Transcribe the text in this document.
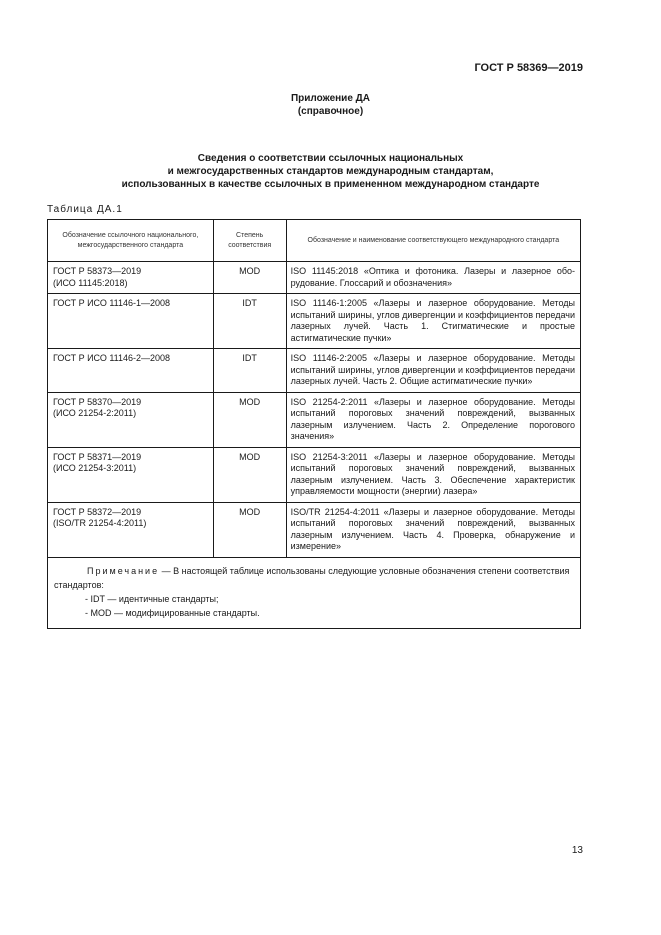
ГОСТ Р 58369—2019
Приложение ДА
(справочное)
Сведения о соответствии ссылочных национальных
и межгосударственных стандартов международным стандартам,
использованных в качестве ссылочных в примененном международном стандарте
Таблица ДА.1
Обозначение ссылочного национального, межгосударственного стандарта	Степень соответствия	Обозначение и наименование соответствующего международного стандарта

ГОСТ Р 58373—2019
(ИСО 11145:2018)	MOD	ISO 11145:2018 «Оптика и фотоника. Лазеры и лазерное оборудование. Глоссарий и обозначения»

ГОСТ Р ИСО 11146-1—2008	IDT	ISO 11146-1:2005 «Лазеры и лазерное оборудование. Методы испытаний ширины, углов дивергенции и коэффициентов передачи лазерных лучей. Часть 1. Стигматические и простые астигматические пучки»

ГОСТ Р ИСО 11146-2—2008	IDT	ISO 11146-2:2005 «Лазеры и лазерное оборудование. Методы испытаний ширины, углов дивергенции и коэффициентов передачи лазерных лучей. Часть 2. Общие астигматические пучки»

ГОСТ Р 58370—2019
(ИСО 21254-2:2011)	MOD	ISO 21254-2:2011 «Лазеры и лазерное оборудование. Методы испытаний пороговых значений повреждений, вызванных лазерным излучением. Часть 2. Определение порогового значения»

ГОСТ Р 58371—2019
(ИСО 21254-3:2011)	MOD	ISO 21254-3:2011 «Лазеры и лазерное оборудование. Методы испытаний пороговых значений повреждений, вызванных лазерным излучением. Часть 3. Обеспечение характеристик управляемости мощности (энергии) лазера»

ГОСТ Р 58372—2019
(ISO/TR 21254-4:2011)	MOD	ISO/TR 21254-4:2011 «Лазеры и лазерное оборудование. Методы испытаний пороговых значений повреждений, вызванных лазерным излучением. Часть 4. Проверка, обнаружение и измерение»

Примечание — В настоящей таблице использованы следующие условные обозначения степени соответствия стандартов:
- IDT — идентичные стандарты;
- MOD — модифицированные стандарты.		
13
